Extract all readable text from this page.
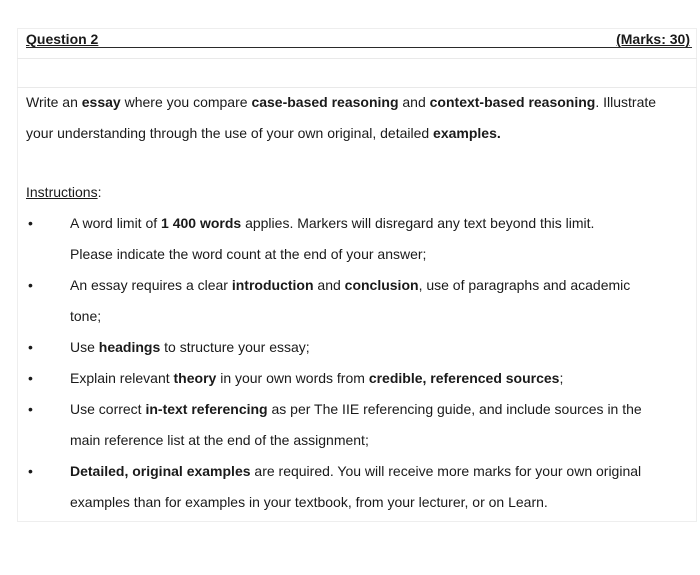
Question 2	(Marks: 30)
Write an essay where you compare case-based reasoning and context-based reasoning. Illustrate
your understanding through the use of your own original, detailed examples.
Instructions:
•	A word limit of 1 400 words applies. Markers will disregard any text beyond this limit.
Please indicate the word count at the end of your answer;
•	An essay requires a clear introduction and conclusion, use of paragraphs and academic
tone;
•	Use headings to structure your essay;
•	Explain relevant theory in your own words from credible, referenced sources;
•	Use correct in-text referencing as per The IIE referencing guide, and include sources in the
main reference list at the end of the assignment;
•	Detailed, original examples are required. You will receive more marks for your own original
examples than for examples in your textbook, from your lecturer, or on Learn.
